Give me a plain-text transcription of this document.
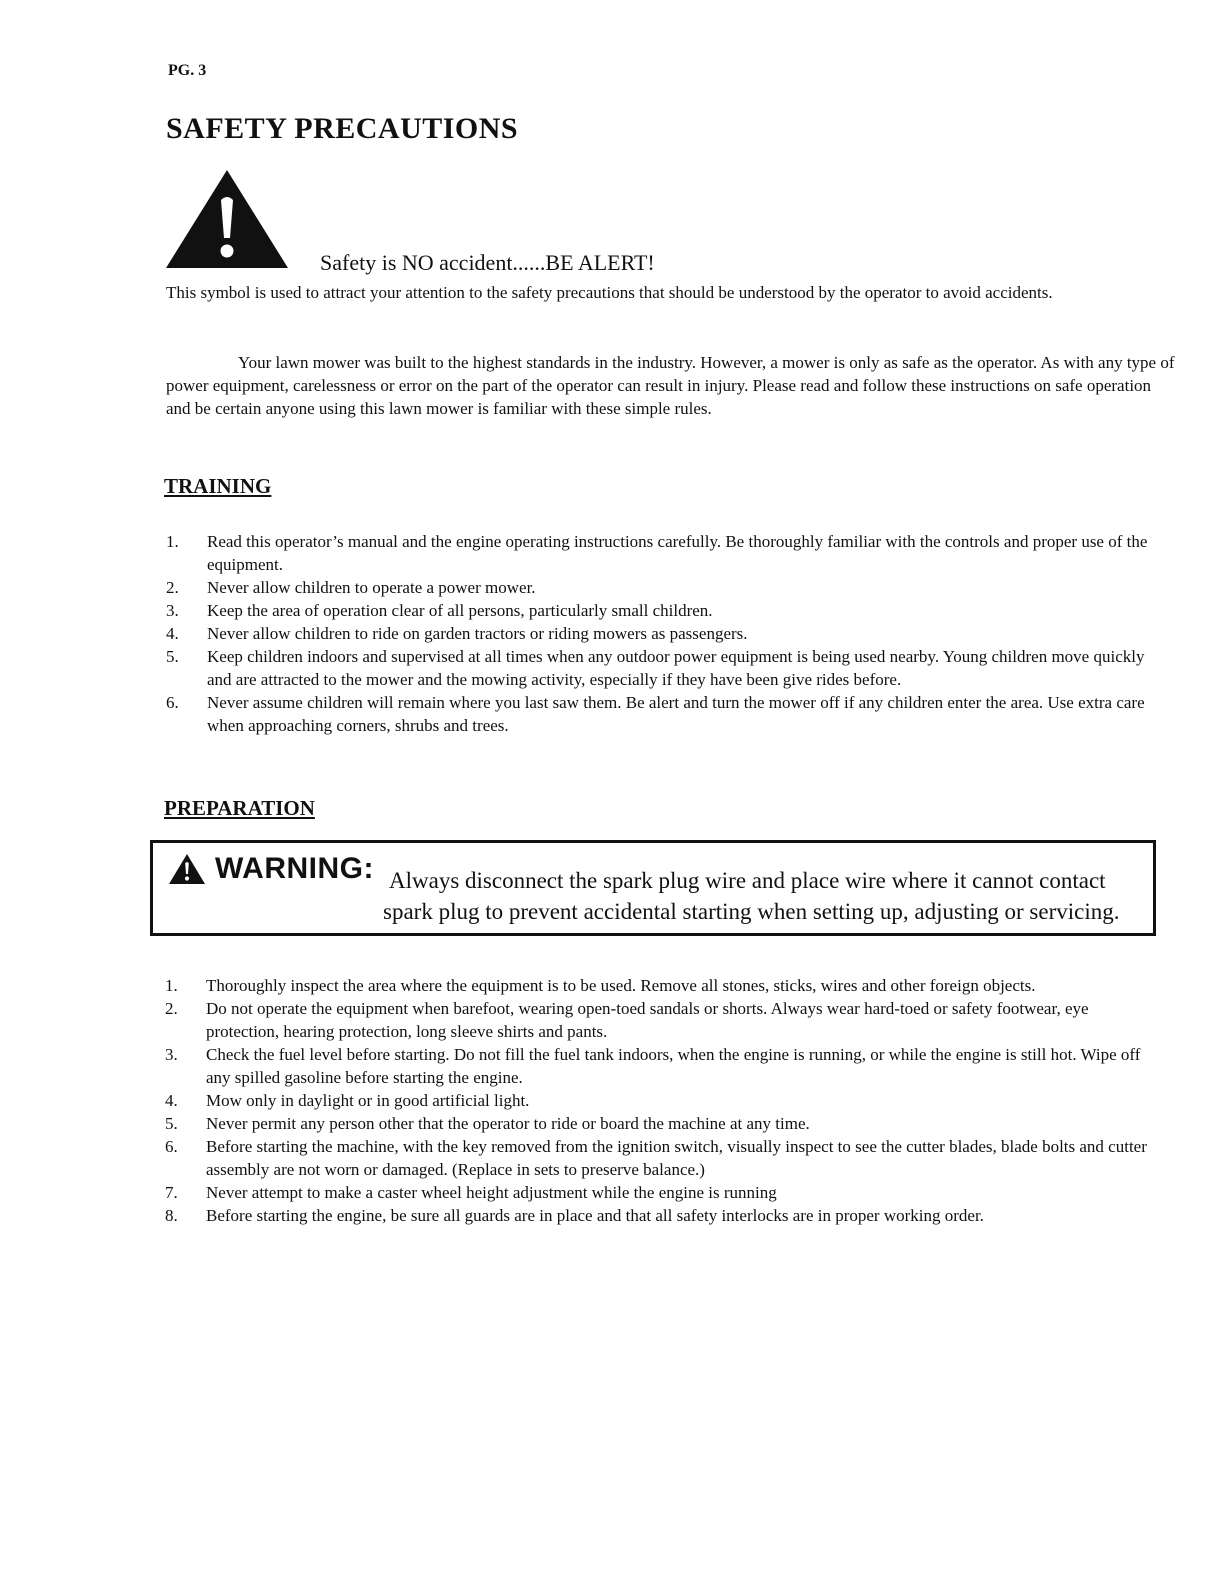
PG. 3
SAFETY PRECAUTIONS
Safety is NO accident......BE ALERT!
This symbol is used to attract your attention to the safety precautions that should be understood by the operator to avoid accidents.
Your lawn mower was built to the highest standards in the industry. However, a mower is only as safe as the operator. As with any type of power equipment, carelessness or error on the part of the operator can result in injury. Please read and follow these instructions on safe operation and be certain anyone using this lawn mower is familiar with these simple rules.
TRAINING
1. Read this operator’s manual and the engine operating instructions carefully. Be thoroughly familiar with the controls and proper use of the equipment.
2. Never allow children to operate a power mower.
3. Keep the area of operation clear of all persons, particularly small children.
4. Never allow children to ride on garden tractors or riding mowers as passengers.
5. Keep children indoors and supervised at all times when any outdoor power equipment is being used nearby. Young children move quickly and are attracted to the mower and the mowing activity, especially if they have been give rides before.
6. Never assume children will remain where you last saw them. Be alert and turn the mower off if any children enter the area. Use extra care when approaching corners, shrubs and trees.
PREPARATION
WARNING: Always disconnect the spark plug wire and place wire where it cannot contact
spark plug to prevent accidental starting when setting up, adjusting or servicing.
1. Thoroughly inspect the area where the equipment is to be used. Remove all stones, sticks, wires and other foreign objects.
2. Do not operate the equipment when barefoot, wearing open-toed sandals or shorts. Always wear hard-toed or safety footwear, eye protection, hearing protection, long sleeve shirts and pants.
3. Check the fuel level before starting. Do not fill the fuel tank indoors, when the engine is running, or while the engine is still hot. Wipe off any spilled gasoline before starting the engine.
4. Mow only in daylight or in good artificial light.
5. Never permit any person other that the operator to ride or board the machine at any time.
6. Before starting the machine, with the key removed from the ignition switch, visually inspect to see the cutter blades, blade bolts and cutter assembly are not worn or damaged. (Replace in sets to preserve balance.)
7. Never attempt to make a caster wheel height adjustment while the engine is running
8. Before starting the engine, be sure all guards are in place and that all safety interlocks are in proper working order.
